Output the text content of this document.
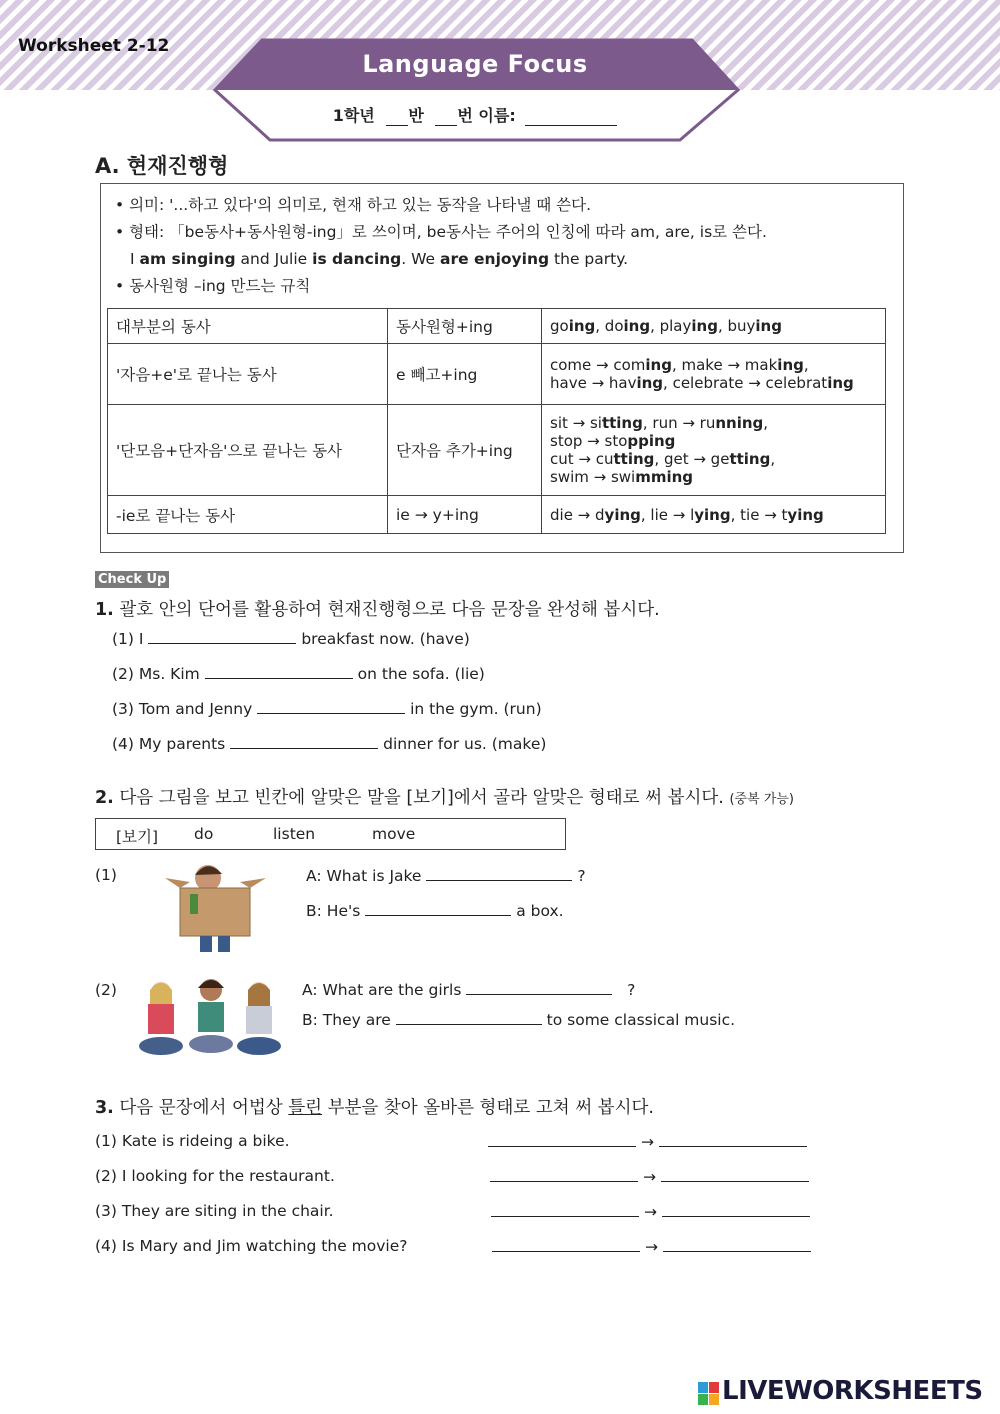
Worksheet 2-12
Language Focus
1학년 반 번 이름:
A. 현재진행형
• 의미: '...하고 있다'의 의미로, 현재 하고 있는 동작을 나타낼 때 쓴다.
• 형태: 「be동사+동사원형-ing」로 쓰이며, be동사는 주어의 인칭에 따라 am, are, is로 쓴다.
I am singing and Julie is dancing. We are enjoying the party.
• 동사원형 –ing 만드는 규칙
대부분의 동사	동사원형+ing	going, doing, playing, buying
'자음+e'로 끝나는 동사	e 빼고+ing	come → coming, make → making,
have → having, celebrate → celebrating

'단모음+단자음'으로 끝나는 동사	단자음 추가+ing	sit → sitting, run → running,
stop → stopping
cut → cutting, get → getting,
swim → swimming

-ie로 끝나는 동사	ie → y+ing	die → dying, lie → lying, tie → tying
Check Up
1. 괄호 안의 단어를 활용하여 현재진행형으로 다음 문장을 완성해 봅시다.
(1) I	breakfast now. (have)
(2) Ms. Kim	on the sofa. (lie)
(3) Tom and Jenny	in the gym. (run)
(4) My parents	dinner for us. (make)
2. 다음 그림을 보고 빈칸에 알맞은 말을 [보기]에서 골라 알맞은 형태로 써 봅시다. (중복 가능)
[보기] do	listen	move
(1)	A: What is Jake	?
B: He's	a box.
(2)	A: What are the girls	?
B: They are	to some classical music.
3. 다음 문장에서 어법상 틀린 부분을 찾아 올바른 형태로 고쳐 써 봅시다.
(1) Kate is rideing a bike.
(2) I looking for the restaurant.
(3) They are siting in the chair.
(4) Is Mary and Jim watching the movie?
→
→
→
→
LIVEWORKSHEETS
